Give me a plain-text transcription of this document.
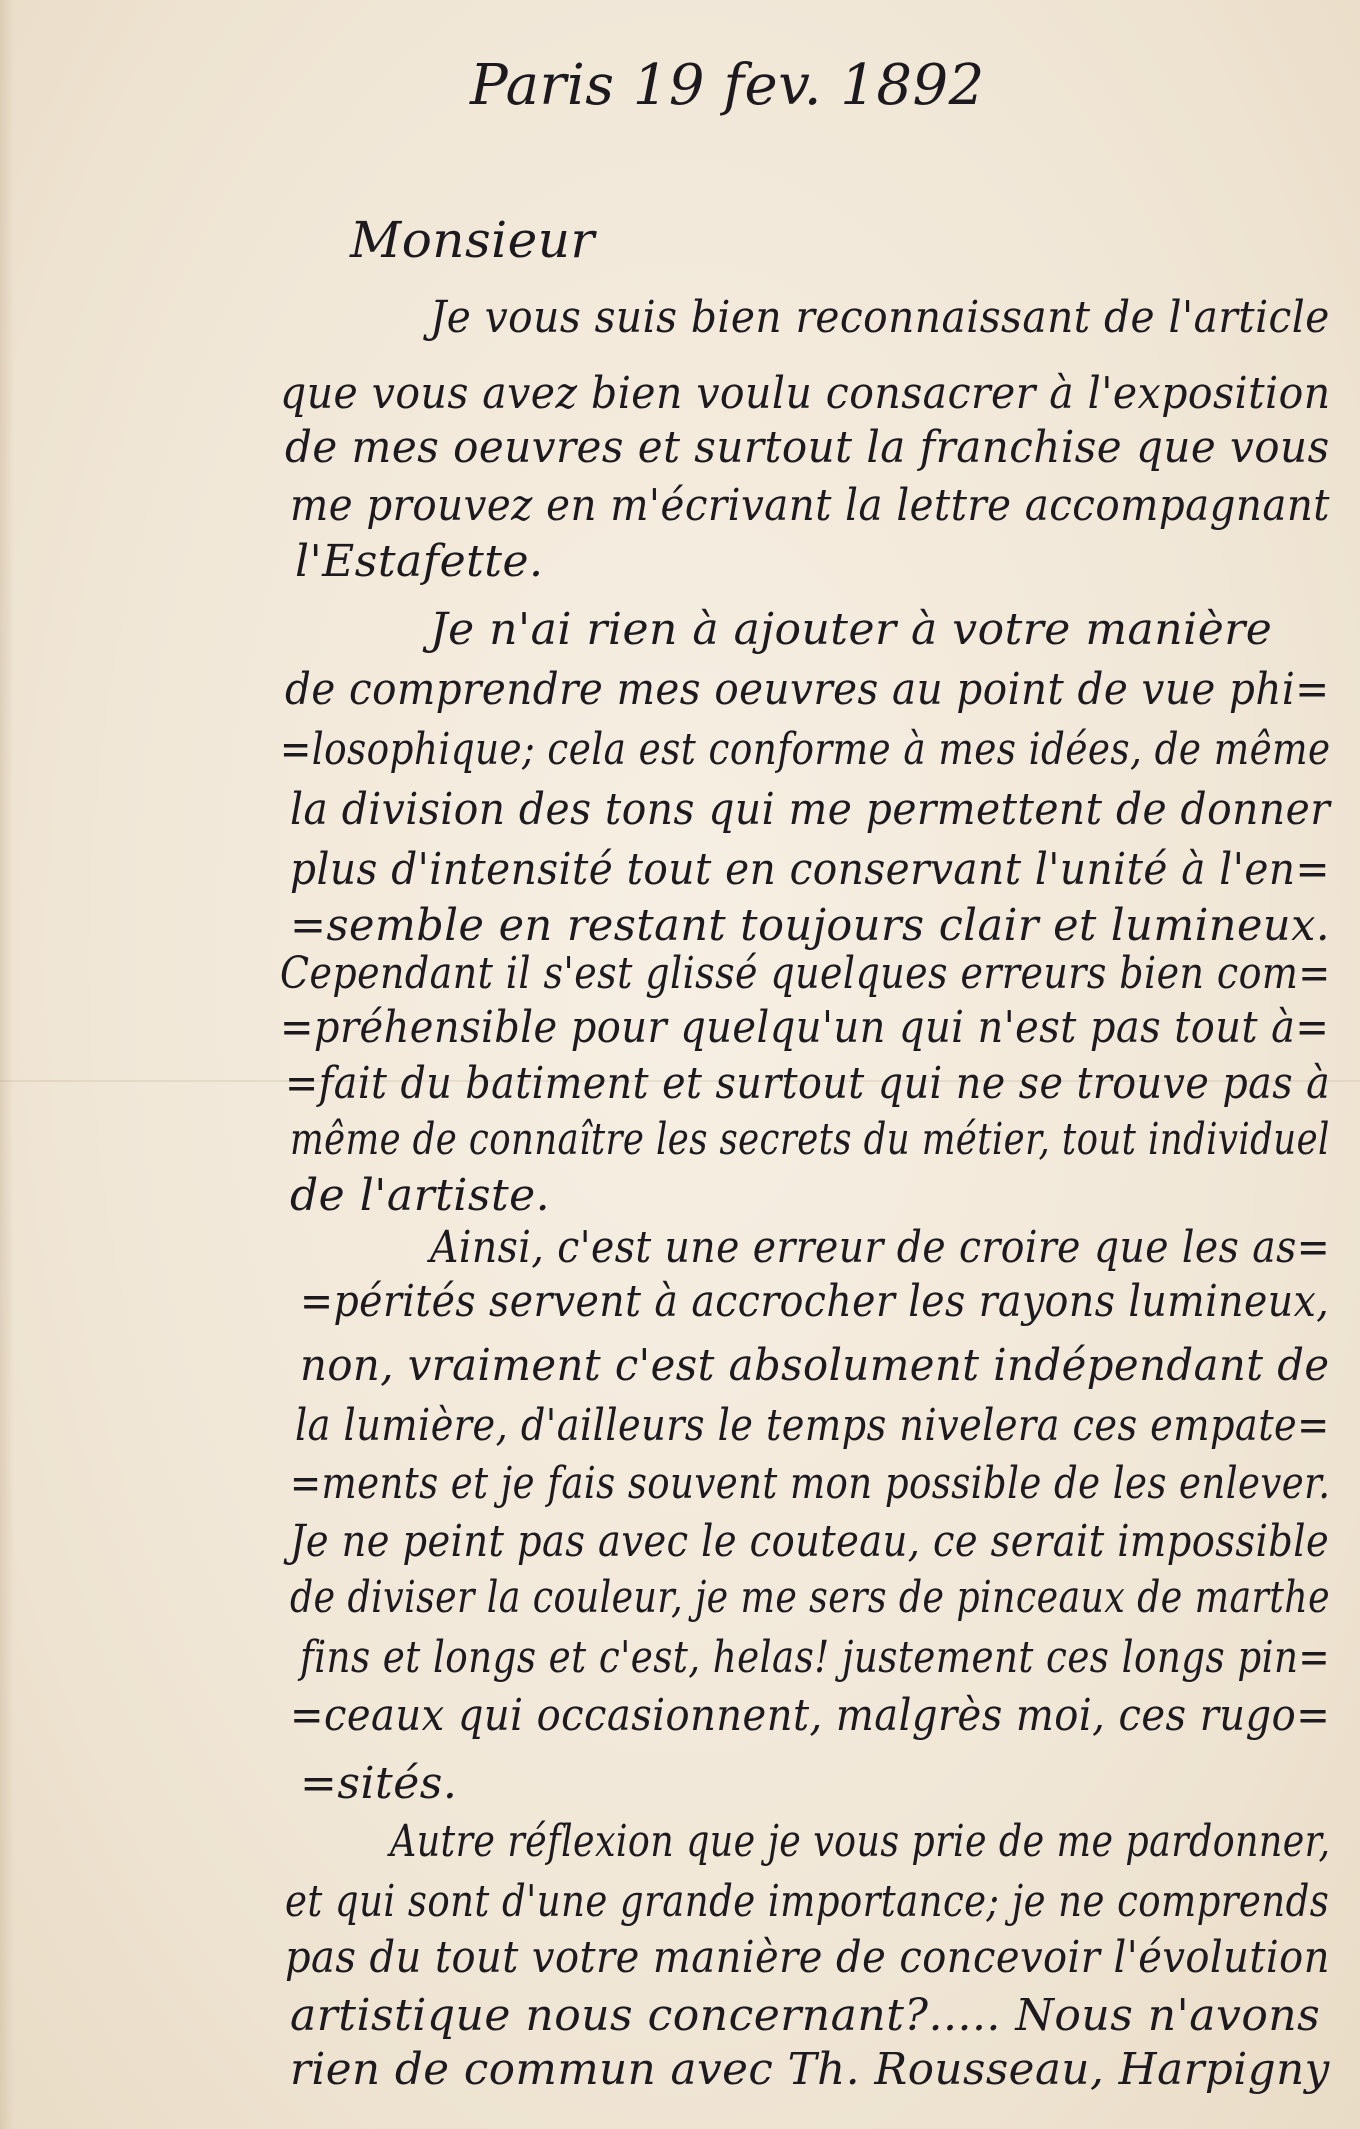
Paris 19 fev. 1892
Monsieur
Je vous suis bien reconnaissant de l'article
que vous avez bien voulu consacrer à l'exposition
de mes oeuvres et surtout la franchise que vous
me prouvez en m'écrivant la lettre accompagnant
l'Estafette.
Je n'ai rien à ajouter à votre manière
de comprendre mes oeuvres au point de vue phi=
=losophique; cela est conforme à mes idées, de même
la division des tons qui me permettent de donner
plus d'intensité tout en conservant l'unité à l'en=
=semble en restant toujours clair et lumineux.
Cependant il s'est glissé quelques erreurs bien com=
=préhensible pour quelqu'un qui n'est pas tout à=
=fait du batiment et surtout qui ne se trouve pas à
même de connaître les secrets du métier, tout individuel
de l'artiste.
Ainsi, c'est une erreur de croire que les as=
=pérités servent à accrocher les rayons lumineux,
non, vraiment c'est absolument indépendant de
la lumière, d'ailleurs le temps nivelera ces empate=
=ments et je fais souvent mon possible de les enlever.
Je ne peint pas avec le couteau, ce serait impossible
de diviser la couleur, je me sers de pinceaux de marthe
fins et longs et c'est, helas! justement ces longs pin=
=ceaux qui occasionnent, malgrès moi, ces rugo=
=sités.
Autre réflexion que je vous prie de me pardonner,
et qui sont d'une grande importance; je ne comprends
pas du tout votre manière de concevoir l'évolution
artistique nous concernant?..... Nous n'avons
rien de commun avec Th. Rousseau, Harpigny
